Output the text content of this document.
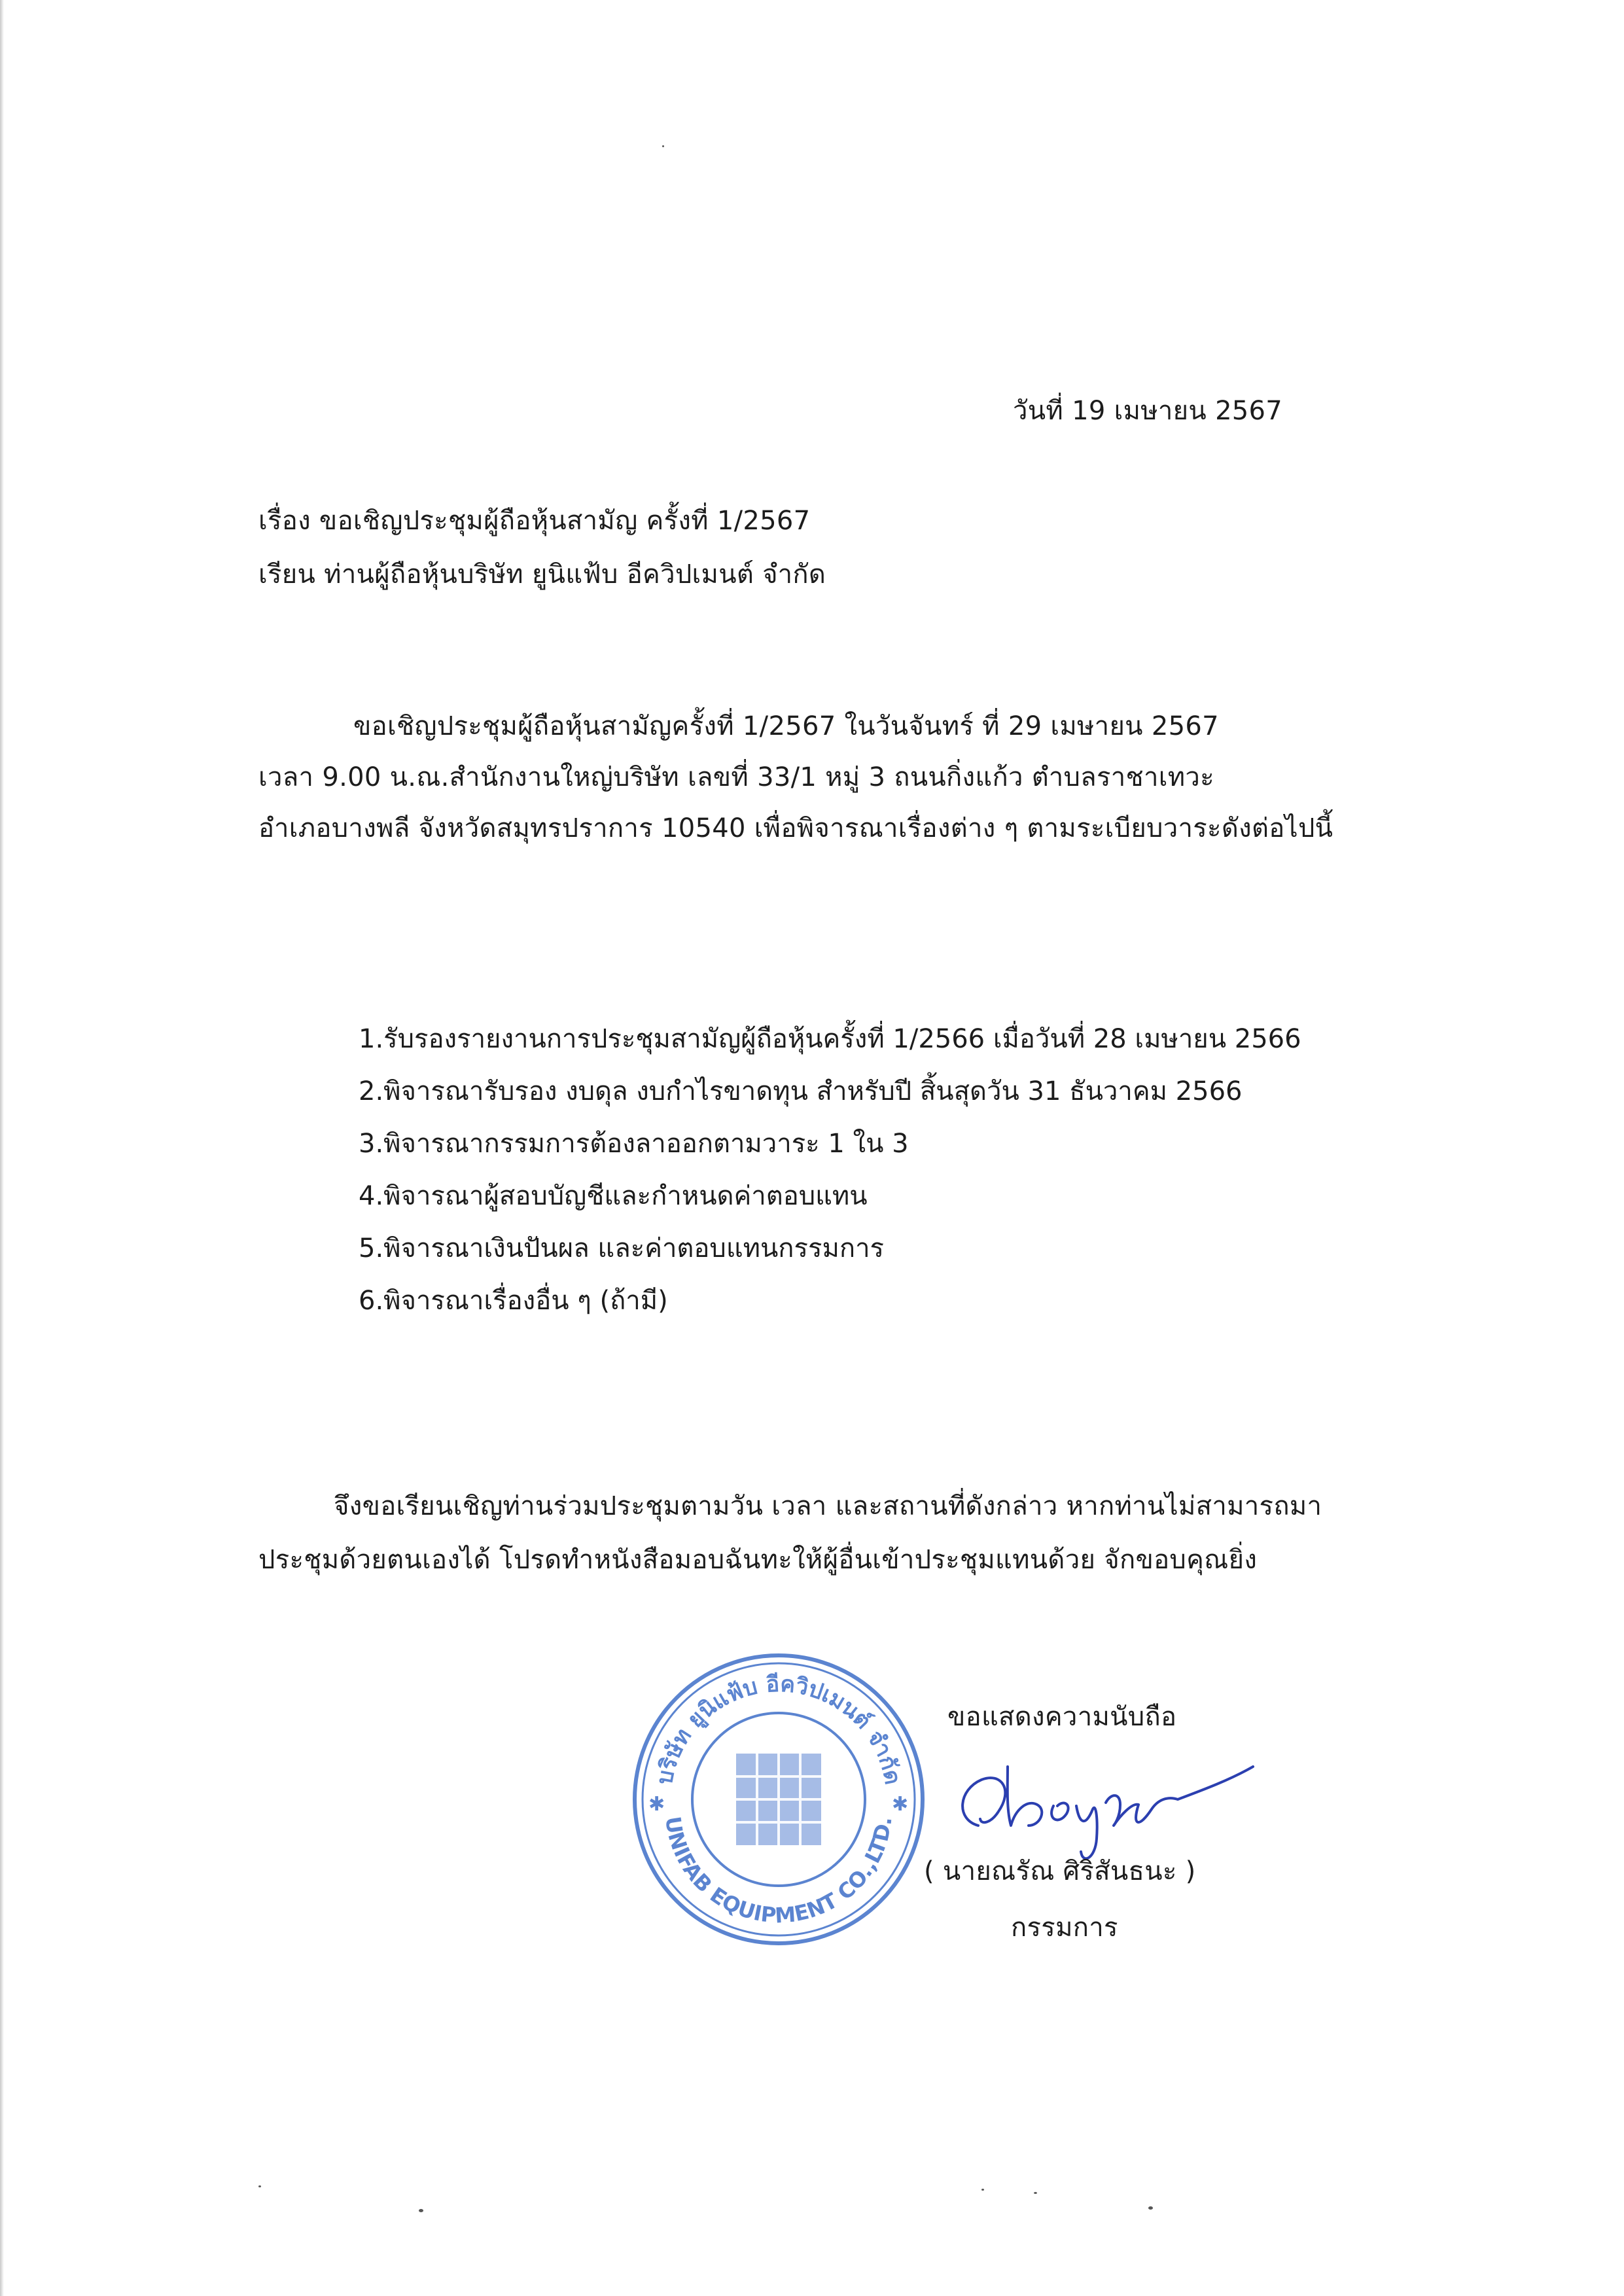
วันที่ 19 เมษายน 2567
เรื่อง ขอเชิญประชุมผู้ถือหุ้นสามัญ ครั้งที่ 1/2567
เรียน ท่านผู้ถือหุ้นบริษัท ยูนิแฟ้บ อีควิปเมนต์ จำกัด
ขอเชิญประชุมผู้ถือหุ้นสามัญครั้งที่ 1/2567 ในวันจันทร์ ที่ 29 เมษายน 2567
เวลา 9.00 น.ณ.สำนักงานใหญ่บริษัท เลขที่ 33/1 หมู่ 3 ถนนกิ่งแก้ว ตำบลราชาเทวะ
อำเภอบางพลี จังหวัดสมุทรปราการ 10540 เพื่อพิจารณาเรื่องต่าง ๆ ตามระเบียบวาระดังต่อไปนี้
1.รับรองรายงานการประชุมสามัญผู้ถือหุ้นครั้งที่ 1/2566 เมื่อวันที่ 28 เมษายน 2566
2.พิจารณารับรอง งบดุล งบกำไรขาดทุน สำหรับปี สิ้นสุดวัน 31 ธันวาคม 2566
3.พิจารณากรรมการต้องลาออกตามวาระ 1 ใน 3
4.พิจารณาผู้สอบบัญชีและกำหนดค่าตอบแทน
5.พิจารณาเงินปันผล และค่าตอบแทนกรรมการ
6.พิจารณาเรื่องอื่น ๆ (ถ้ามี)
จึงขอเรียนเชิญท่านร่วมประชุมตามวัน เวลา และสถานที่ดังกล่าว หากท่านไม่สามารถมา
ประชุมด้วยตนเองได้ โปรดทำหนังสือมอบฉันทะให้ผู้อื่นเข้าประชุมแทนด้วย จักขอบคุณยิ่ง
บริษัท ยูนิแฟ้บ อีควิปเมนต์ จำกัด
UNIFAB EQUIPMENT CO.,LTD.
✱	✱
ขอแสดงความนับถือ
( นายณรัณ ศิริสันธนะ )
กรรมการ
